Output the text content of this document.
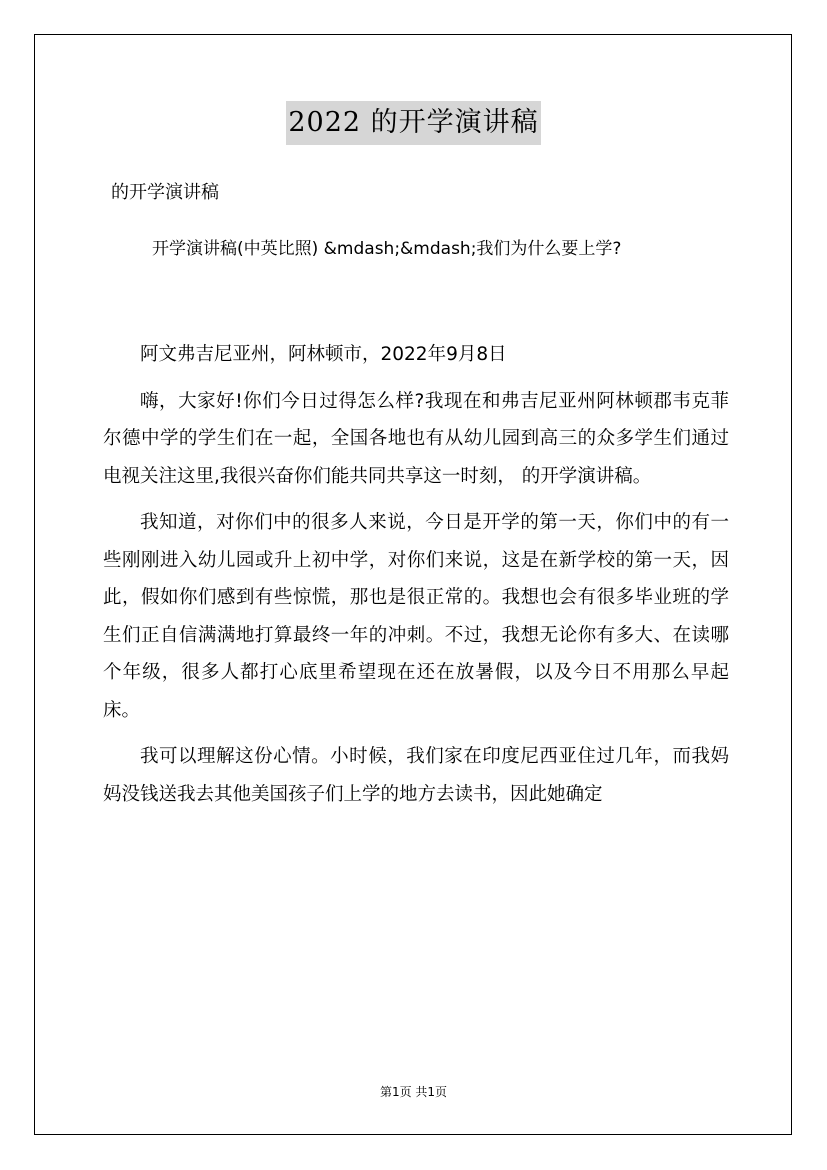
2022 的开学演讲稿
的开学演讲稿
开学演讲稿(中英比照) &mdash;&mdash;我们为什么要上学?

阿文弗吉尼亚州，阿林顿市，2022年9月8日

嗨，大家好!你们今日过得怎么样?我现在和弗吉尼亚州阿林顿郡韦克菲尔德中学的学生们在一起，全国各地也有从幼儿园到高三的众多学生们通过电视关注这里,我很兴奋你们能共同共享这一时刻， 的开学演讲稿。

我知道，对你们中的很多人来说，今日是开学的第一天，你们中的有一些刚刚进入幼儿园或升上初中学，对你们来说，这是在新学校的第一天，因此，假如你们感到有些惊慌，那也是很正常的。我想也会有很多毕业班的学生们正自信满满地打算最终一年的冲刺。不过，我想无论你有多大、在读哪个年级，很多人都打心底里希望现在还在放暑假，以及今日不用那么早起床。

我可以理解这份心情。小时候，我们家在印度尼西亚住过几年，而我妈妈没钱送我去其他美国孩子们上学的地方去读书，因此她确定

第1页 共1页
